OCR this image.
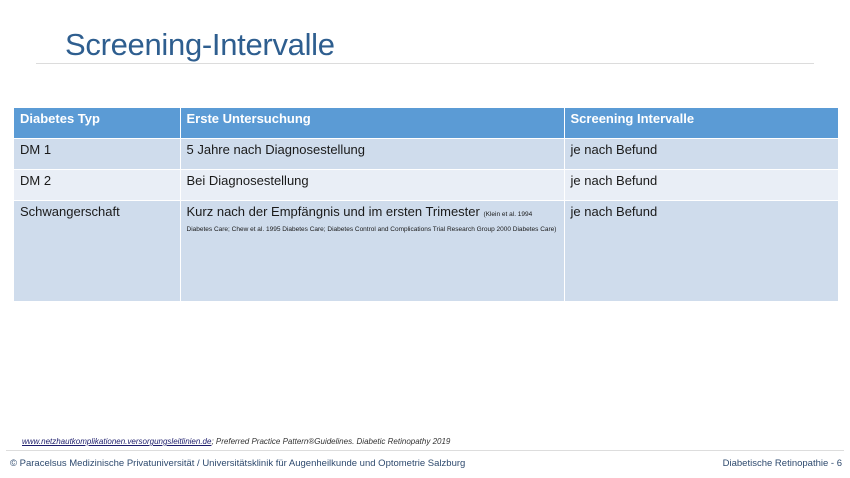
Screening-Intervalle
Diabetes Typ	Erste Untersuchung	Screening Intervalle
DM 1	5 Jahre nach Diagnosestellung	je nach Befund
DM 2	Bei Diagnosestellung	je nach Befund
Schwangerschaft	Kurz nach der Empfängnis und im ersten Trimester (Klein et al. 1994 Diabetes Care; Chew et al. 1995 Diabetes Care; Diabetes Control and Complications Trial Research Group 2000 Diabetes Care)	je nach Befund
www.netzhautkomplikationen.versorgungsleitlinien.de; Preferred Practice Pattern®Guidelines. Diabetic Retinopathy 2019
© Paracelsus Medizinische Privatuniversität / Universitätsklinik für Augenheilkunde und Optometrie Salzburg	Diabetische Retinopathie - 6
